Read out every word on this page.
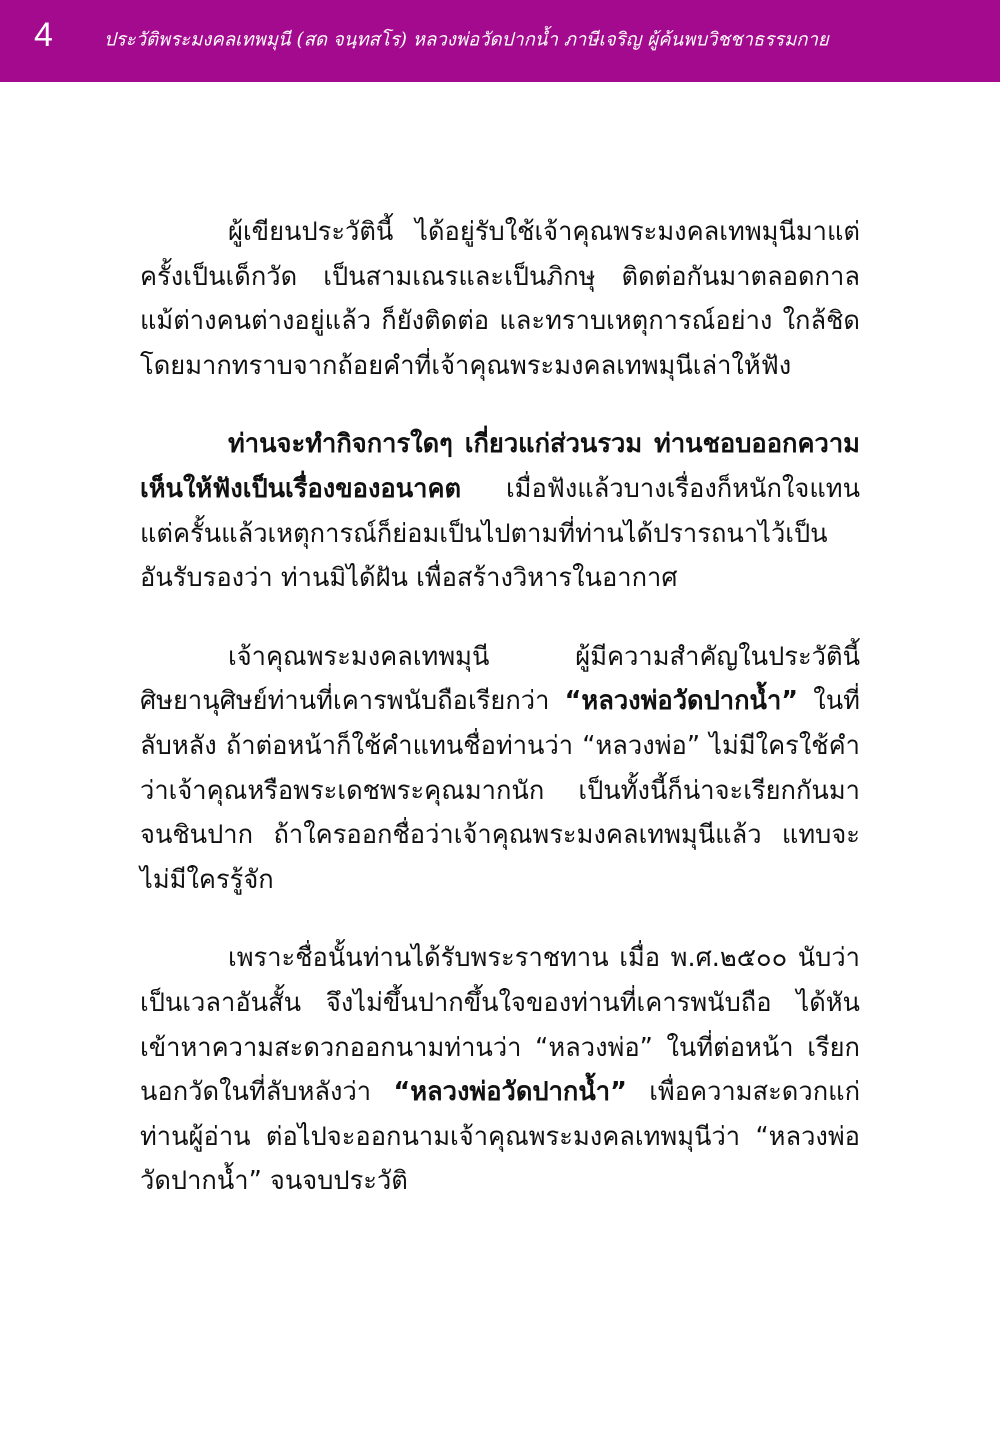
4	ประวัติพระมงคลเทพมุนี (สด จนฺทสโร) หลวงพ่อวัดปากน้ำ ภาษีเจริญ ผู้ค้นพบวิชชาธรรมกาย

ผู้เขียนประวัตินี้ ได้อยู่รับใช้เจ้าคุณพระมงคลเทพมุนีมาแต่ครั้งเป็นเด็กวัด เป็นสามเณรและเป็นภิกษุ ติดต่อกันมาตลอดกาล แม้ต่างคนต่างอยู่แล้ว ก็ยังติดต่อ และทราบเหตุการณ์อย่าง ใกล้ชิด โดยมากทราบจากถ้อยคำที่เจ้าคุณพระมงคลเทพมุนีเล่าให้ฟัง

ท่านจะทำกิจการใดๆ เกี่ยวแก่ส่วนรวม ท่านชอบออกความเห็นให้ฟังเป็นเรื่องของอนาคต เมื่อฟังแล้วบางเรื่องก็หนักใจแทน แต่ครั้นแล้วเหตุการณ์ก็ย่อมเป็นไปตามที่ท่านได้ปรารถนาไว้เป็นอันรับรองว่า ท่านมิได้ฝัน เพื่อสร้างวิหารในอากาศ

เจ้าคุณพระมงคลเทพมุนี ผู้มีความสำคัญในประวัตินี้ ศิษยานุศิษย์ท่านที่เคารพนับถือเรียกว่า “หลวงพ่อวัดปากน้ำ” ในที่ลับหลัง ถ้าต่อหน้าก็ใช้คำแทนชื่อท่านว่า “หลวงพ่อ” ไม่มีใครใช้คำว่าเจ้าคุณหรือพระเดชพระคุณมากนัก เป็นทั้งนี้ก็น่าจะเรียกกันมาจนชินปาก ถ้าใครออกชื่อว่าเจ้าคุณพระมงคลเทพมุนีแล้ว แทบจะไม่มีใครรู้จัก

เพราะชื่อนั้นท่านได้รับพระราชทาน เมื่อ พ.ศ.๒๕๐๐ นับว่าเป็นเวลาอันสั้น จึงไม่ขึ้นปากขึ้นใจของท่านที่เคารพนับถือ ได้หันเข้าหาความสะดวกออกนามท่านว่า “หลวงพ่อ” ในที่ต่อหน้า เรียกนอกวัดในที่ลับหลังว่า “หลวงพ่อวัดปากน้ำ” เพื่อความสะดวกแก่ท่านผู้อ่าน ต่อไปจะออกนามเจ้าคุณพระมงคลเทพมุนีว่า “หลวงพ่อวัดปากน้ำ” จนจบประวัติ
